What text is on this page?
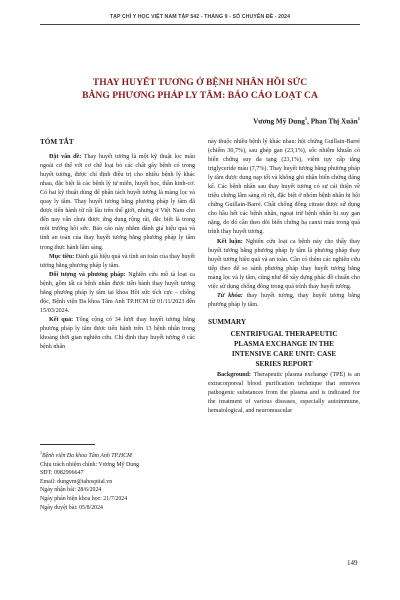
TẠP CHÍ Y HỌC VIỆT NAM TẬP 542 - THÁNG 9 - SỐ CHUYÊN ĐỀ - 2024
THAY HUYẾT TƯƠNG Ở BỆNH NHÂN HỒI SỨC
BẰNG PHƯƠNG PHÁP LY TÂM: BÁO CÁO LOẠT CA
Vương Mỹ Dung$^1$, Phan Thị Xuân$^1$
TÓM TẮT

Đặt vấn đề: Thay huyết tương là một kỹ thuật lọc máu ngoài cơ thể với cơ chế loại bỏ các chất gây bệnh có trong huyết tương, được chỉ định điều trị cho nhiều bệnh lý khác nhau, đặc biệt là các bệnh lý tự miễn, huyết học, thần kinh-cơ. Có hai kỹ thuật dùng để phân tách huyết tương là màng lọc và quay ly tâm. Thay huyết tương bằng phương pháp ly tâm đã được tiến hành từ rất lâu trên thế giới, nhưng ở Việt Nam cho đến nay vẫn chưa được ứng dụng rộng rãi, đặc biệt là trong môi trường hồi sức. Báo cáo này nhằm đánh giá hiệu quả và tính an toàn của thay huyết tương bằng phương pháp ly tâm trong thực hành lâm sàng.

Mục tiêu: Đánh giá hiệu quả và tính an toàn của thay huyết tương bằng phương pháp ly tâm.

Đối tượng và phương pháp: Nghiên cứu mô tả loạt ca bệnh, gồm tất cả bệnh nhân được tiến hành thay huyết tương bằng phương pháp ly tâm tại khoa Hồi sức tích cực – chống độc, Bệnh viện Đa khoa Tâm Anh TP.HCM từ 01/11/2023 đến 15/03/2024.

Kết quả: Tổng cộng có 34 lượt thay huyết tương bằng phương pháp ly tâm được tiến hành trên 13 bệnh nhân trong khoảng thời gian nghiên cứu. Chỉ định thay huyết tương ở các bệnh nhân

$^1$Bệnh viện Đa khoa Tâm Anh TP.HCM
Chịu trách nhiệm chính: Vương Mỹ Dung
SĐT: 0982996647
Email: dungvm@tahospital.vn
Ngày nhận bài: 28/6/2024
Ngày phản biện khoa học: 21/7/2024
Ngày duyệt bài: 05/8/2024

này thuộc nhiều bệnh lý khác nhau: hội chứng Guillain-Barré (chiếm 30,7%), sau ghép gan (23,1%), sốc nhiễm khuẩn có biến chứng suy đa tạng (23,1%), viêm tụy cấp tăng triglyceride máu (7,7%). Thay huyết tương bằng phương pháp ly tâm được dung nạp tốt và không ghi nhận biến chứng đáng kể. Các bệnh nhân sau thay huyết tương có sự cải thiện về triệu chứng lâm sàng rõ rệt, đặc biệt ở nhóm bệnh nhân bị hội chứng Guillain-Barré. Chất chống đông citrate được sử dụng cho hầu hết các bệnh nhân, ngoại trừ bệnh nhân bị suy gan nặng, do đó cần theo dõi biến chứng hạ canxi máu trong quá trình thay huyết tương.

Kết luận: Nghiên cứu loạt ca bệnh này cho thấy thay huyết tương bằng phương pháp ly tâm là phương pháp thay huyết tương hiệu quả và an toàn. Cần có thêm các nghiên cứu tiếp theo để so sánh phương pháp thay huyết tương bằng màng lọc và ly tâm, cũng như để xây dựng phác đồ chuẩn cho việc sử dụng chống đông trong quá trình thay huyết tương.

Từ khóa: thay huyết tương, thay huyết tương bằng phương pháp ly tâm.

SUMMARY
CENTRIFUGAL THERAPEUTIC
PLASMA EXCHANGE IN THE
INTENSIVE CARE UNIT: CASE
SERIES REPORT

Background: Therapeutic plasma exchange (TPE) is an extracorporeal blood purification technique that removes pathogenic substances from the plasma and is indicated for the treatment of various diseases, especially autoimmune, hematological, and neuromuscular

149
